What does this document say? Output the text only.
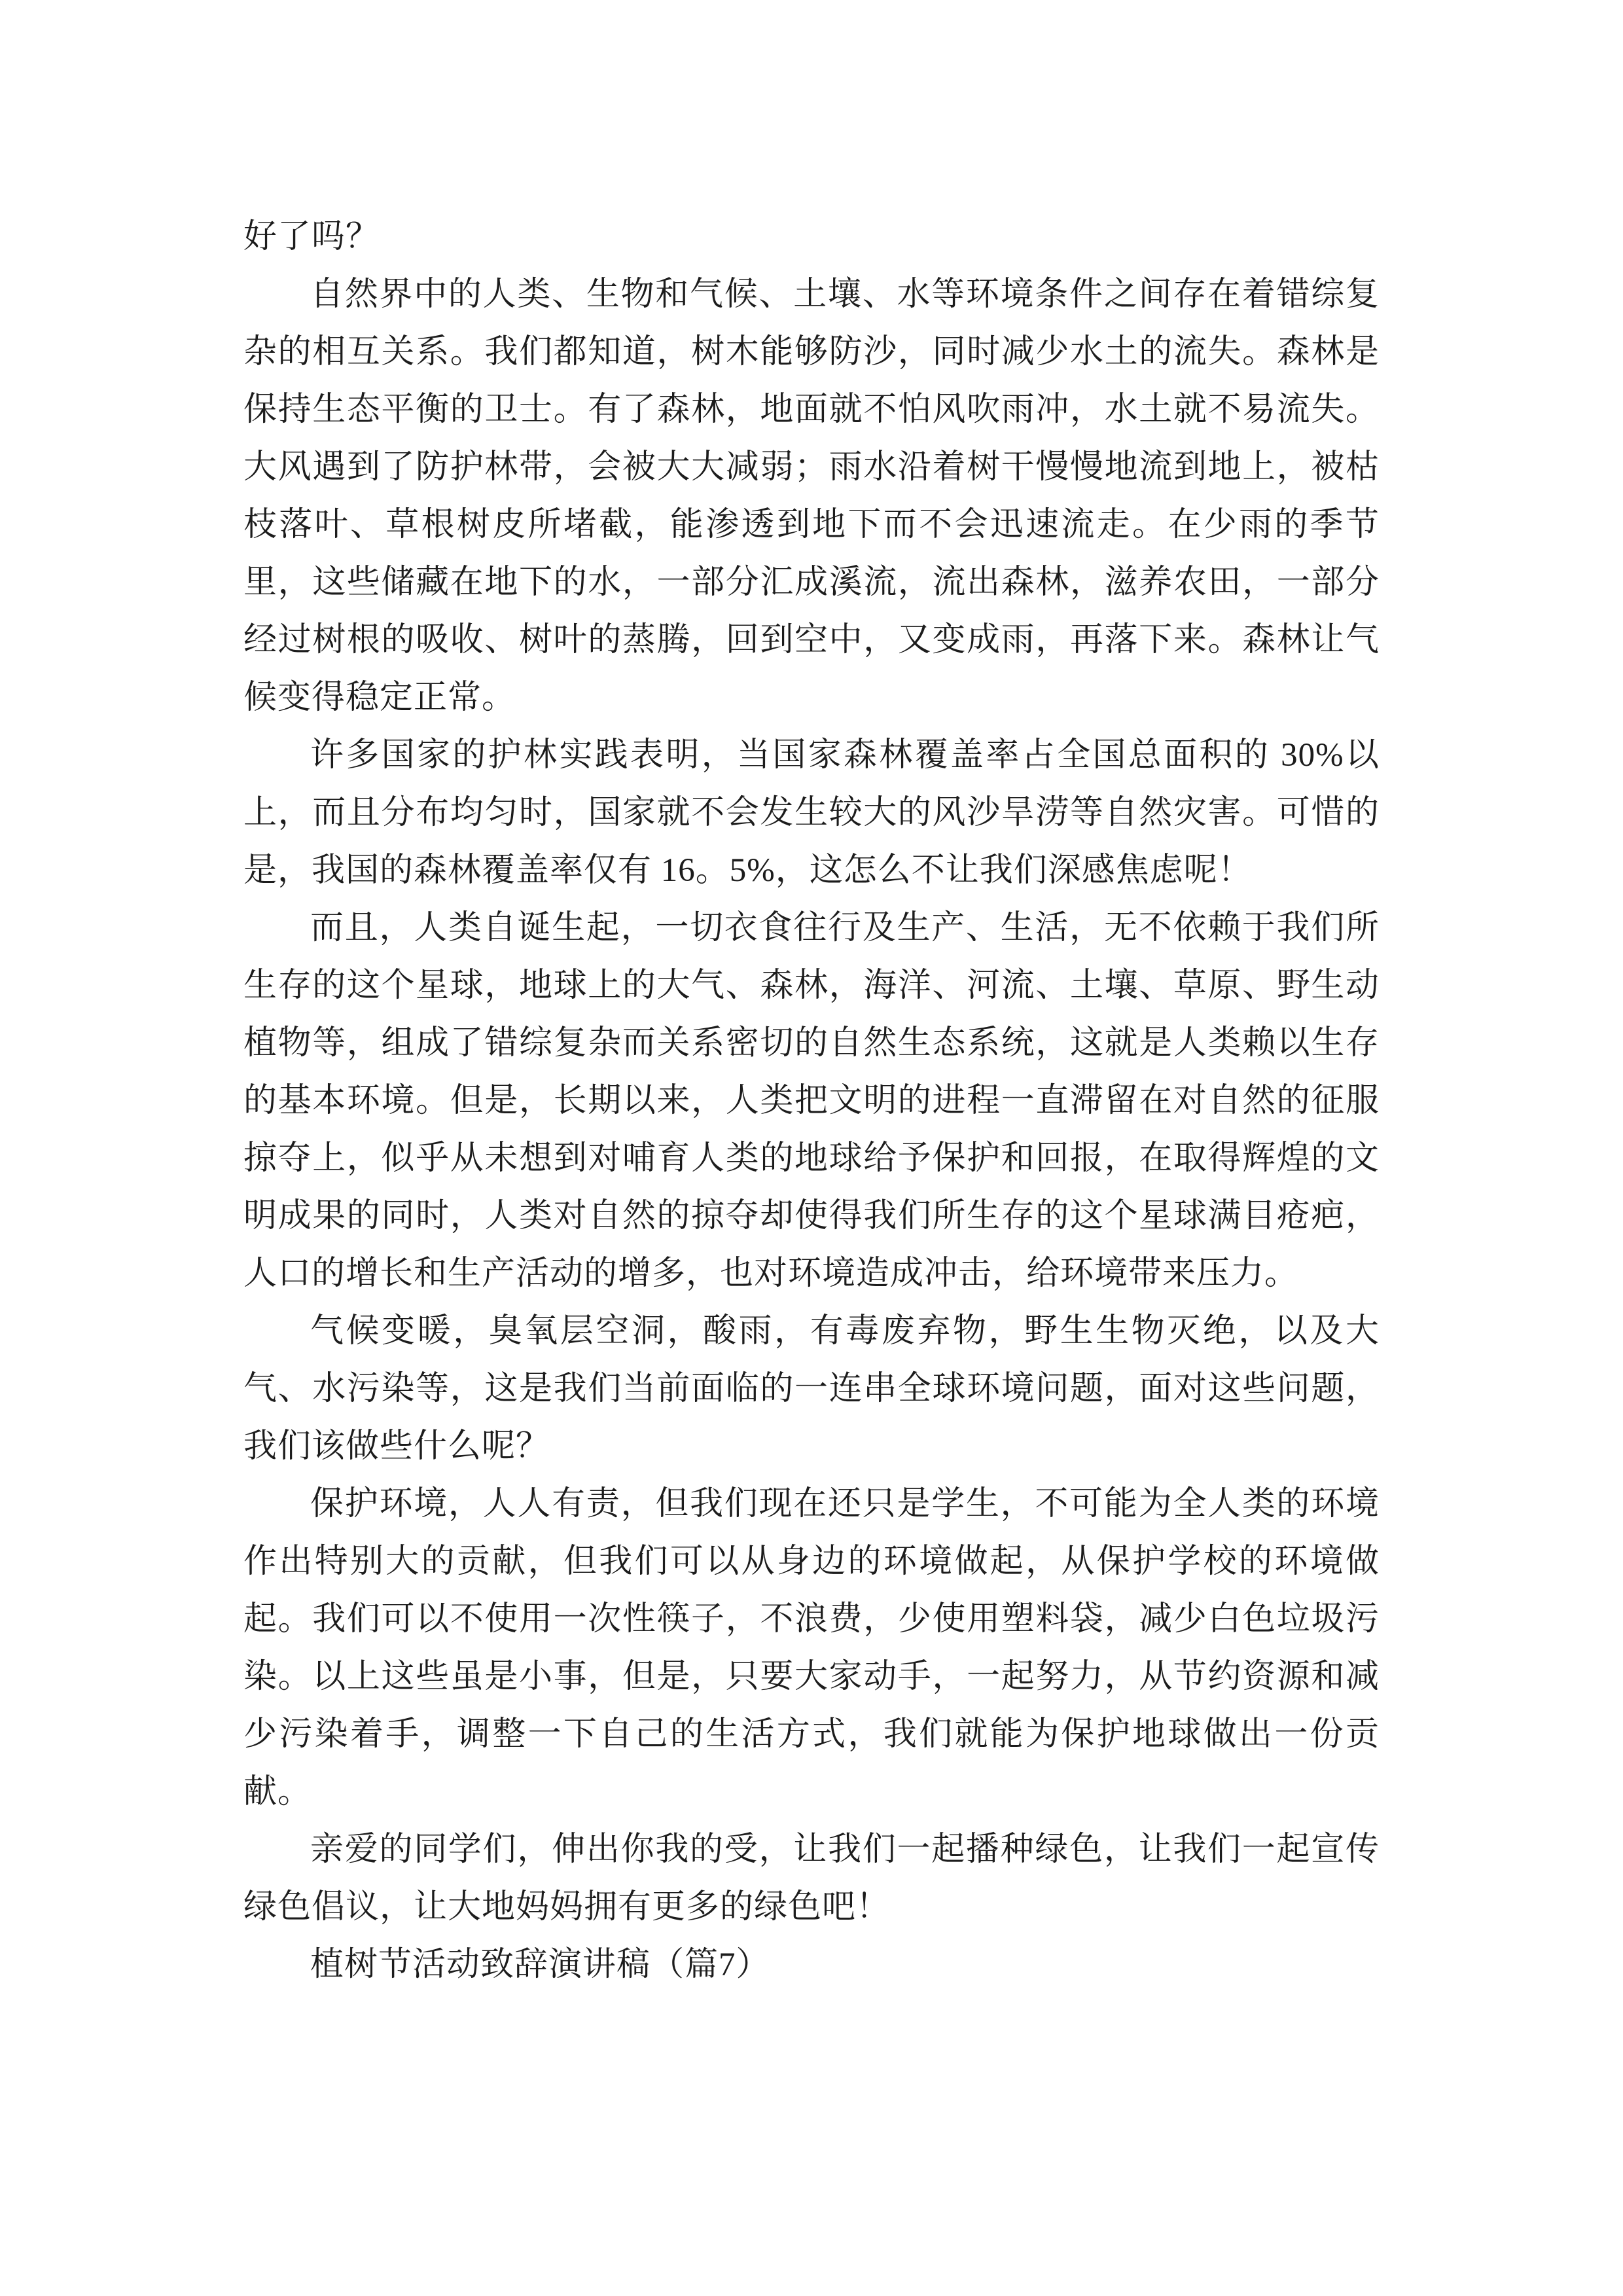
好了吗？

自然界中的人类、生物和气候、土壤、水等环境条件之间存在着错综复杂的相互关系。我们都知道，树木能够防沙，同时减少水土的流失。森林是保持生态平衡的卫士。有了森林，地面就不怕风吹雨冲，水土就不易流失。大风遇到了防护林带，会被大大减弱；雨水沿着树干慢慢地流到地上，被枯枝落叶、草根树皮所堵截，能渗透到地下而不会迅速流走。在少雨的季节里，这些储藏在地下的水，一部分汇成溪流，流出森林，滋养农田，一部分经过树根的吸收、树叶的蒸腾，回到空中，又变成雨，再落下来。森林让气候变得稳定正常。

许多国家的护林实践表明，当国家森林覆盖率占全国总面积的 30%以上，而且分布均匀时，国家就不会发生较大的风沙旱涝等自然灾害。可惜的是，我国的森林覆盖率仅有 16。5%，这怎么不让我们深感焦虑呢！

而且，人类自诞生起，一切衣食往行及生产、生活，无不依赖于我们所生存的这个星球，地球上的大气、森林，海洋、河流、土壤、草原、野生动植物等，组成了错综复杂而关系密切的自然生态系统，这就是人类赖以生存的基本环境。但是，长期以来，人类把文明的进程一直滞留在对自然的征服掠夺上，似乎从未想到对哺育人类的地球给予保护和回报，在取得辉煌的文明成果的同时，人类对自然的掠夺却使得我们所生存的这个星球满目疮疤，人口的增长和生产活动的增多，也对环境造成冲击，给环境带来压力。

气候变暖，臭氧层空洞，酸雨，有毒废弃物，野生生物灭绝，以及大气、水污染等，这是我们当前面临的一连串全球环境问题，面对这些问题，我们该做些什么呢？

保护环境，人人有责，但我们现在还只是学生，不可能为全人类的环境作出特别大的贡献，但我们可以从身边的环境做起，从保护学校的环境做起。我们可以不使用一次性筷子，不浪费，少使用塑料袋，减少白色垃圾污染。以上这些虽是小事，但是，只要大家动手，一起努力，从节约资源和减少污染着手，调整一下自己的生活方式，我们就能为保护地球做出一份贡献。

亲爱的同学们，伸出你我的受，让我们一起播种绿色，让我们一起宣传绿色倡议，让大地妈妈拥有更多的绿色吧！

植树节活动致辞演讲稿（篇7）
